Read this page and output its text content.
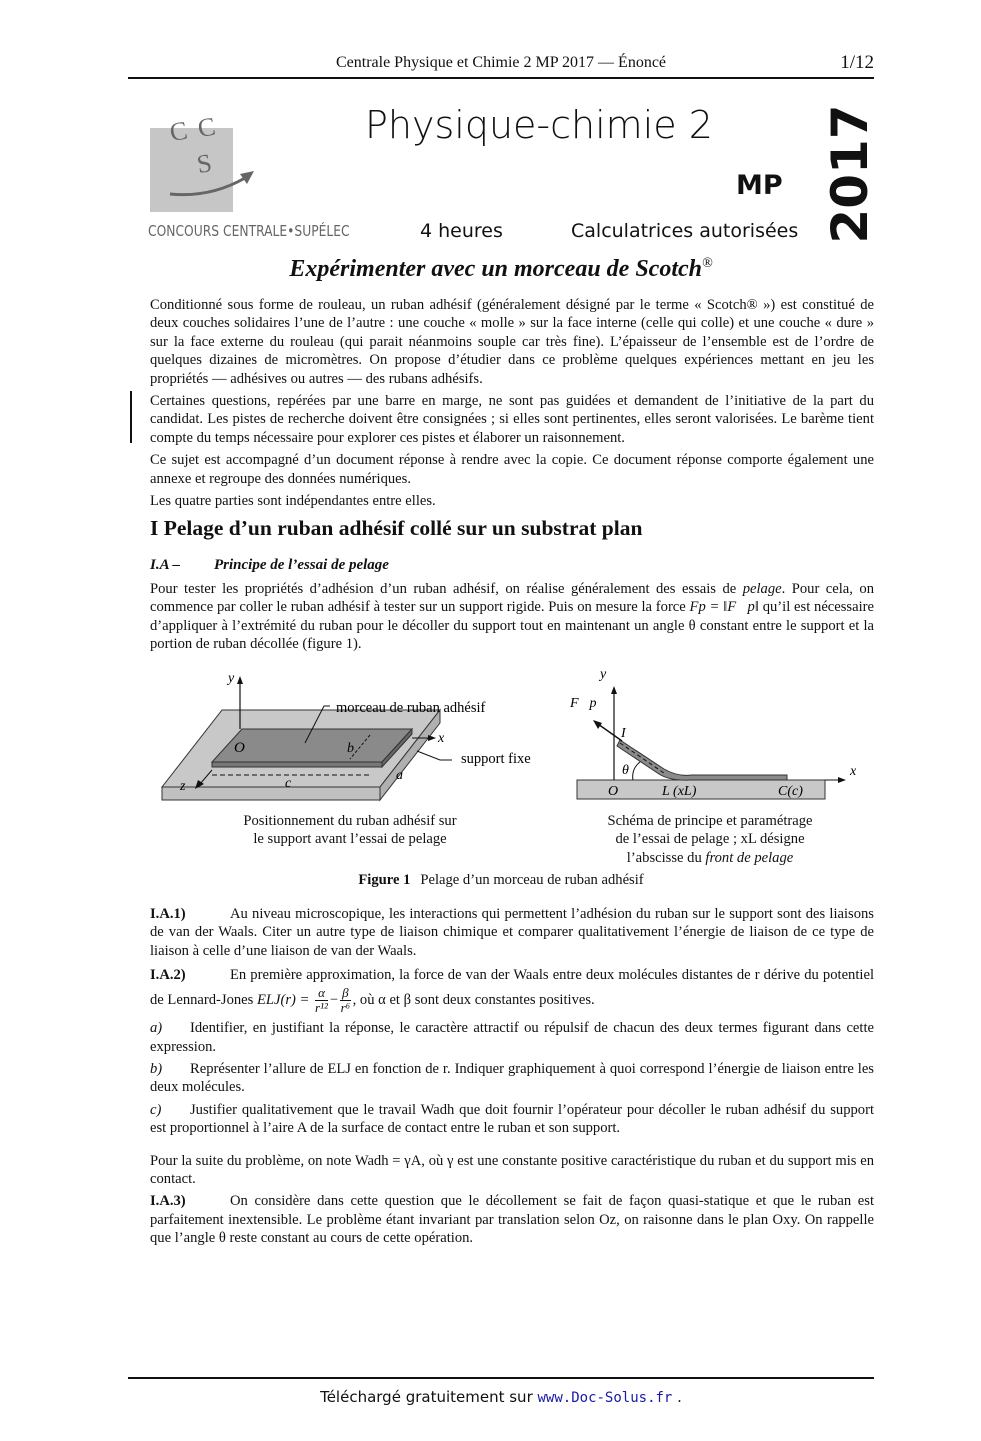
Centrale Physique et Chimie 2 MP 2017 — Énoncé	1/12
C C
S
CONCOURS CENTRALE•SUPÉLEC
Physique-chimie 2
MP
4 heures	Calculatrices autorisées 2017
Expérimenter avec un morceau de Scotch®

Conditionné sous forme de rouleau, un ruban adhésif (généralement désigné par le terme « Scotch® ») est constitué de deux couches solidaires l’une de l’autre : une couche « molle » sur la face interne (celle qui colle) et une couche « dure » sur la face externe du rouleau (qui parait néanmoins souple car très fine). L’épaisseur de l’ensemble est de l’ordre de quelques dizaines de micromètres. On propose d’étudier dans ce problème quelques expériences mettant en jeu les propriétés — adhésives ou autres — des rubans adhésifs.

Certaines questions, repérées par une barre en marge, ne sont pas guidées et demandent de l’initiative de la part du candidat. Les pistes de recherche doivent être consignées ; si elles sont pertinentes, elles seront valorisées. Le barème tient compte du temps nécessaire pour explorer ces pistes et élaborer un raisonnement.

Ce sujet est accompagné d’un document réponse à rendre avec la copie. Ce document réponse comporte également une annexe et regroupe des données numériques.

Les quatre parties sont indépendantes entre elles.

I Pelage d’un ruban adhésif collé sur un substrat plan
I.A – Principe de l’essai de pelage

Pour tester les propriétés d’adhésion d’un ruban adhésif, on réalise généralement des essais de pelage. Pour cela, on commence par coller le ruban adhésif à tester sur un support rigide. Puis on mesure la force Fp = ‖F⃗p‖ qu’il est nécessaire d’appliquer à l’extrémité du ruban pour le décoller du support tout en maintenant un angle θ constant entre le support et la portion de ruban décollée (figure 1).

y
x
z
O
morceau de ruban adhésif
support fixe
a
b
c
Positionnement du ruban adhésif sur
le support avant l’essai de pelage
y
x
F⃗p
I
θ
O	L (xL)	C(c)
Schéma de principe et paramétrage
de l’essai de pelage ; xL désigne
l’abscisse du front de pelage
Figure 1 Pelage d’un morceau de ruban adhésif

I.A.1)	Au niveau microscopique, les interactions qui permettent l’adhésion du ruban sur le support sont des liaisons de van der Waals. Citer un autre type de liaison chimique et comparer qualitativement l’énergie de liaison de ce type de liaison à celle d’une liaison de van der Waals.

I.A.2)	En première approximation, la force de van der Waals entre deux molécules distantes de r dérive du potentiel de Lennard-Jones $ELJ(r) = \frac{\alpha}{\text{r¹²}} - \frac{\beta}{\text{r⁶}}$ , où α et β sont deux constantes positives.

a) Identifier, en justifiant la réponse, le caractère attractif ou répulsif de chacun des deux termes figurant dans cette expression.

b) Représenter l’allure de ELJ en fonction de r. Indiquer graphiquement à quoi correspond l’énergie de liaison entre les deux molécules.

c) Justifier qualitativement que le travail Wadh que doit fournir l’opérateur pour décoller le ruban adhésif du support est proportionnel à l’aire A de la surface de contact entre le ruban et son support.

Pour la suite du problème, on note Wadh = γA, où γ est une constante positive caractéristique du ruban et du support mis en contact.

I.A.3)	On considère dans cette question que le décollement se fait de façon quasi-statique et que le ruban est parfaitement inextensible. Le problème étant invariant par translation selon Oz, on raisonne dans le plan Oxy. On rappelle que l’angle θ reste constant au cours de cette opération.

Téléchargé gratuitement sur www.Doc-Solus.fr .
